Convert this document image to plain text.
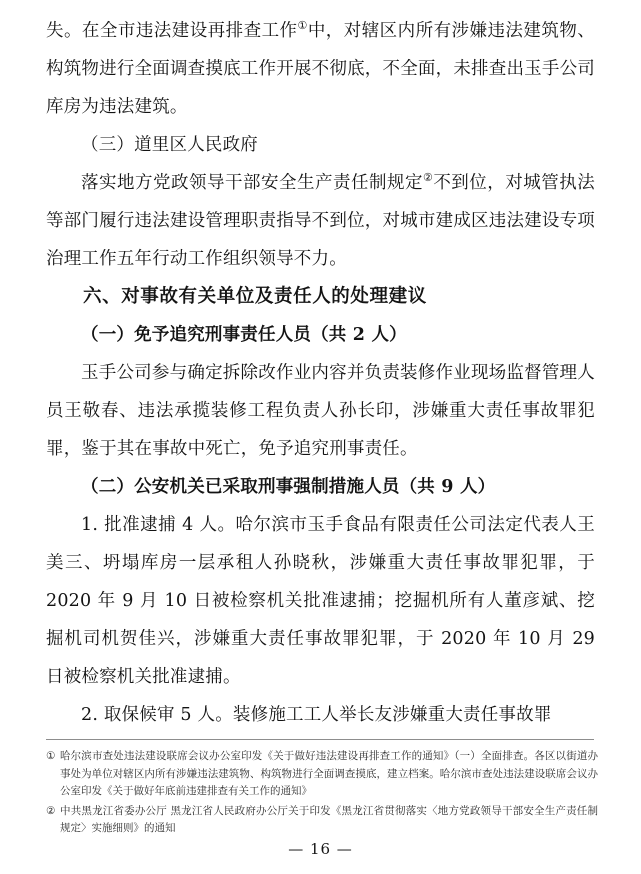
失。在全市违法建设再排查工作①中，对辖区内所有涉嫌违法建筑物、构筑物进行全面调查摸底工作开展不彻底，不全面，未排查出玉手公司库房为违法建筑。

（三）道里区人民政府

落实地方党政领导干部安全生产责任制规定②不到位，对城管执法等部门履行违法建设管理职责指导不到位，对城市建成区违法建设专项治理工作五年行动工作组织领导不力。

六、对事故有关单位及责任人的处理建议

（一）免予追究刑事责任人员（共 2 人）

玉手公司参与确定拆除改作业内容并负责装修作业现场监督管理人员王敬春、违法承揽装修工程负责人孙长印，涉嫌重大责任事故罪犯罪，鉴于其在事故中死亡，免予追究刑事责任。

（二）公安机关已采取刑事强制措施人员（共 9 人）

1. 批准逮捕 4 人。哈尔滨市玉手食品有限责任公司法定代表人王美三、坍塌库房一层承租人孙晓秋，涉嫌重大责任事故罪犯罪，于 2020 年 9 月 10 日被检察机关批准逮捕；挖掘机所有人董彦斌、挖掘机司机贺佳兴，涉嫌重大责任事故罪犯罪，于 2020 年 10 月 29 日被检察机关批准逮捕。

2. 取保候审 5 人。装修施工工人举长友涉嫌重大责任事故罪

① 哈尔滨市查处违法建设联席会议办公室印发《关于做好违法建设再排查工作的通知》（一）全面排查。各区以街道办事处为单位对辖区内所有涉嫌违法建筑物、构筑物进行全面调查摸底，建立档案。哈尔滨市查处违法建设联席会议办公室印发《关于做好年底前违建排查有关工作的通知》

② 中共黑龙江省委办公厅 黑龙江省人民政府办公厅关于印发《黑龙江省贯彻落实〈地方党政领导干部安全生产责任制规定〉实施细则》的通知

— 16 —
